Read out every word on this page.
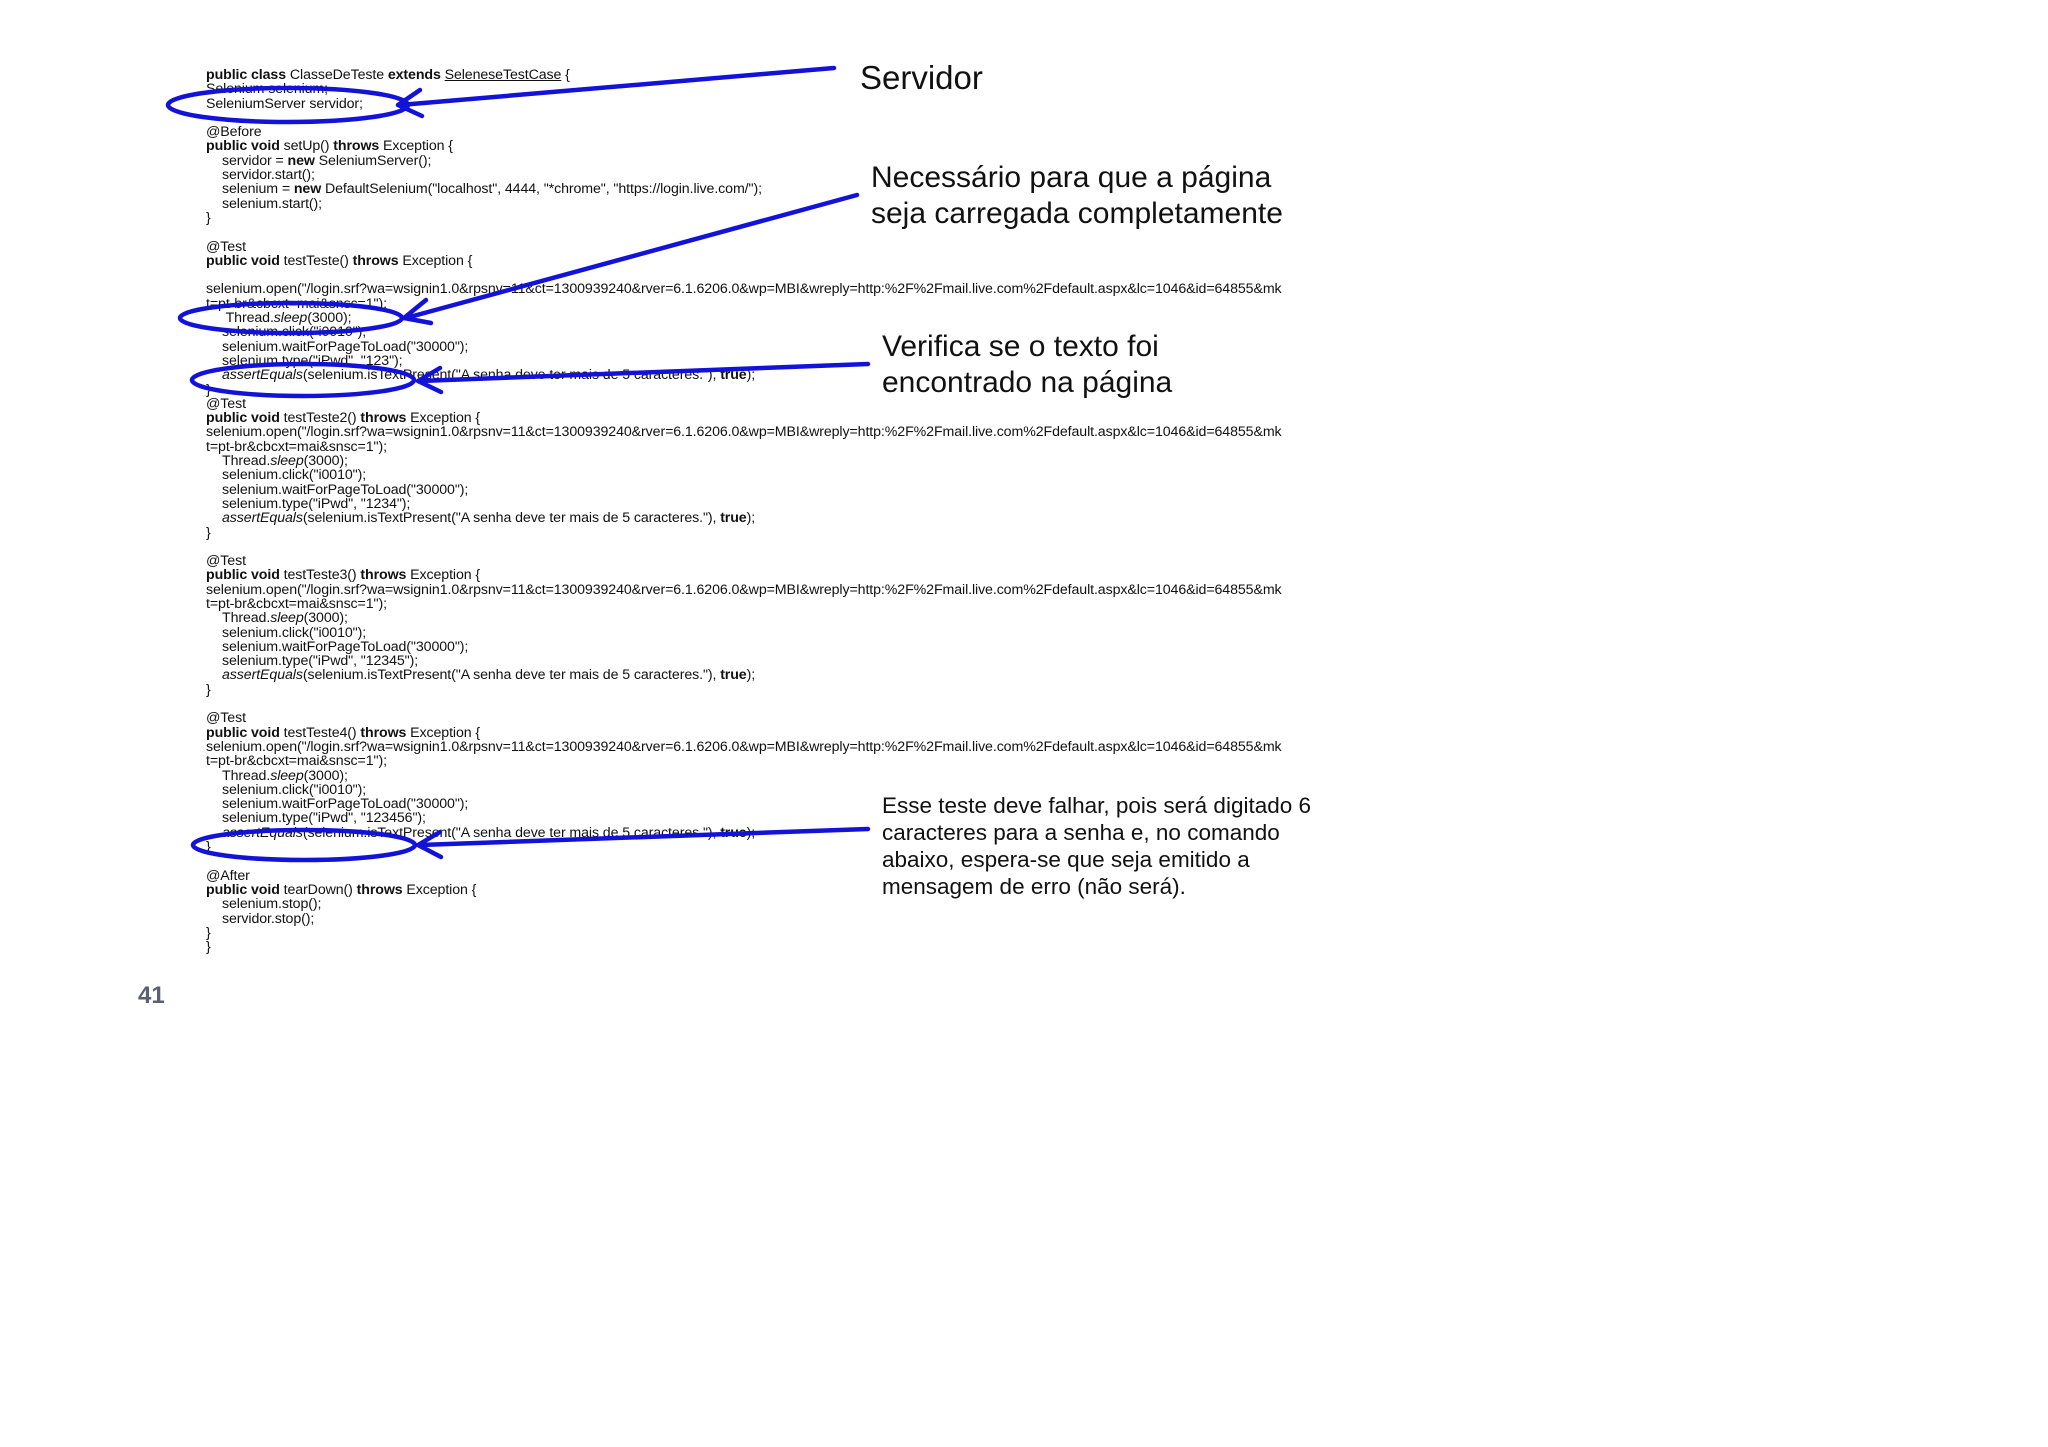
public class ClasseDeTeste extends SeleneseTestCase {
Selenium selenium;
SeleniumServer servidor;
@Before
public void setUp() throws Exception {
servidor = new SeleniumServer();
servidor.start();
selenium = new DefaultSelenium("localhost", 4444, "*chrome", "https://login.live.com/");
selenium.start();
}
@Test
public void testTeste() throws Exception {
selenium.open("/login.srf?wa=wsignin1.0&rpsnv=11&ct=1300939240&rver=6.1.6206.0&wp=MBI&wreply=http:%2F%2Fmail.live.com%2Fdefault.aspx&lc=1046&id=64855&mk
t=pt-br&cbcxt=mai&snsc=1");
Thread.sleep(3000);
selenium.click("i0010");
selenium.waitForPageToLoad("30000");
selenium.type("iPwd", "123");
assertEquals(selenium.isTextPresent("A senha deve ter mais de 5 caracteres."), true);
}
@Test
public void testTeste2() throws Exception {
selenium.open("/login.srf?wa=wsignin1.0&rpsnv=11&ct=1300939240&rver=6.1.6206.0&wp=MBI&wreply=http:%2F%2Fmail.live.com%2Fdefault.aspx&lc=1046&id=64855&mk
t=pt-br&cbcxt=mai&snsc=1");
Thread.sleep(3000);
selenium.click("i0010");
selenium.waitForPageToLoad("30000");
selenium.type("iPwd", "1234");
assertEquals(selenium.isTextPresent("A senha deve ter mais de 5 caracteres."), true);
}
@Test
public void testTeste3() throws Exception {
selenium.open("/login.srf?wa=wsignin1.0&rpsnv=11&ct=1300939240&rver=6.1.6206.0&wp=MBI&wreply=http:%2F%2Fmail.live.com%2Fdefault.aspx&lc=1046&id=64855&mk
t=pt-br&cbcxt=mai&snsc=1");
Thread.sleep(3000);
selenium.click("i0010");
selenium.waitForPageToLoad("30000");
selenium.type("iPwd", "12345");
assertEquals(selenium.isTextPresent("A senha deve ter mais de 5 caracteres."), true);
}
@Test
public void testTeste4() throws Exception {
selenium.open("/login.srf?wa=wsignin1.0&rpsnv=11&ct=1300939240&rver=6.1.6206.0&wp=MBI&wreply=http:%2F%2Fmail.live.com%2Fdefault.aspx&lc=1046&id=64855&mk
t=pt-br&cbcxt=mai&snsc=1");
Thread.sleep(3000);
selenium.click("i0010");
selenium.waitForPageToLoad("30000");
selenium.type("iPwd", "123456");
assertEquals(selenium.isTextPresent("A senha deve ter mais de 5 caracteres."), true);
}
@After
public void tearDown() throws Exception {
selenium.stop();
servidor.stop();
}
}
Servidor
Necessário para que a página
seja carregada completamente
Verifica se o texto foi
encontrado na página
Esse teste deve falhar, pois será digitado 6
caracteres para a senha e, no comando
abaixo, espera-se que seja emitido a
mensagem de erro (não será).
41
